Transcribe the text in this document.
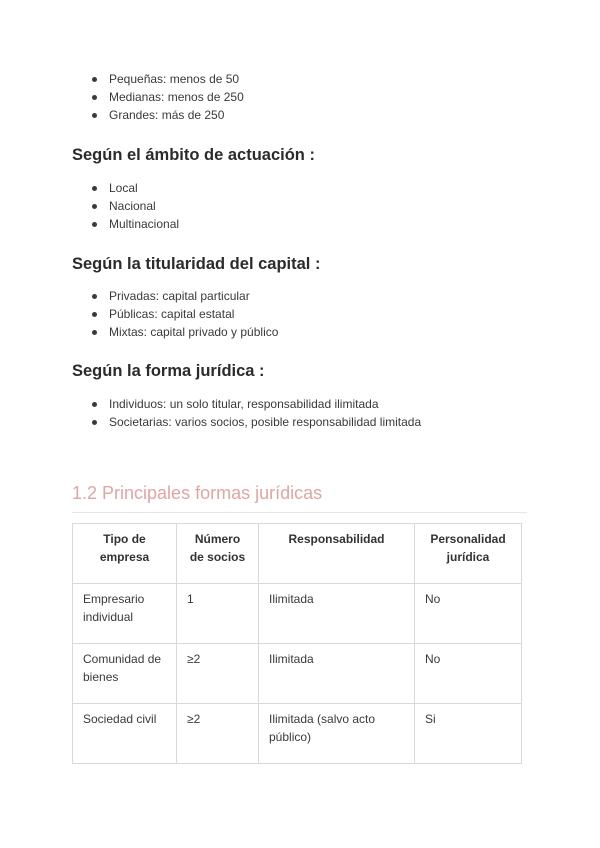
Pequeñas: menos de 50
Medianas: menos de 250
Grandes: más de 250
Según el ámbito de actuación :
Local
Nacional
Multinacional
Según la titularidad del capital :
Privadas: capital particular
Públicas: capital estatal
Mixtas: capital privado y público
Según la forma jurídica :
Individuos: un solo titular, responsabilidad ilimitada
Societarias: varios socios, posible responsabilidad limitada
1.2 Principales formas jurídicas
Tipo de empresa	Número de socios	Responsabilidad	Personalidad jurídica
Empresario individual	1	Ilimitada	No
Comunidad de bienes	≥2	Ilimitada	No
Sociedad civil	≥2	Ilimitada (salvo acto público)	Si
